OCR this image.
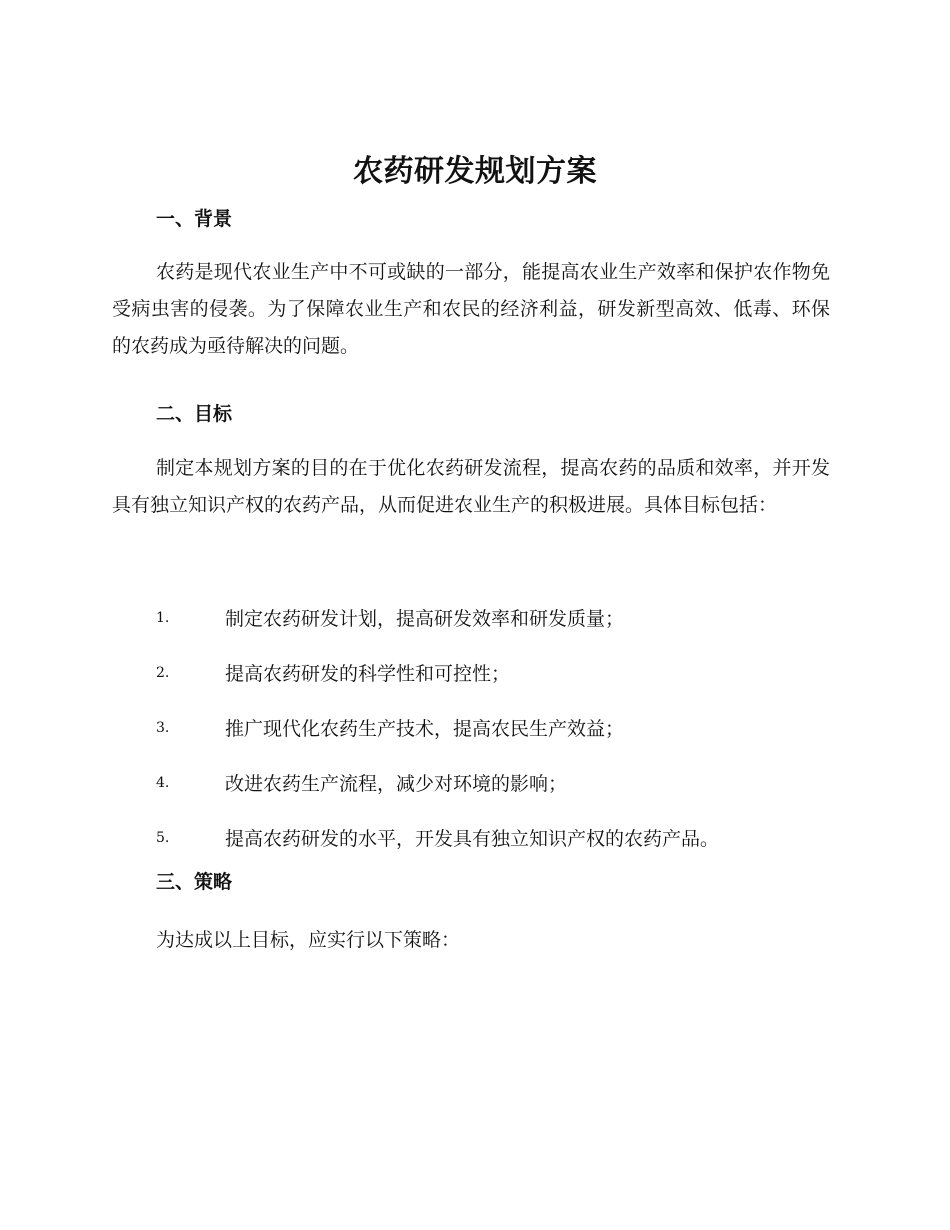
农药研发规划方案
一、背景

农药是现代农业生产中不可或缺的一部分，能提高农业生产效率和保护农作物免受病虫害的侵袭。为了保障农业生产和农民的经济利益，研发新型高效、低毒、环保的农药成为亟待解决的问题。

二、目标

制定本规划方案的目的在于优化农药研发流程，提高农药的品质和效率，并开发具有独立知识产权的农药产品，从而促进农业生产的积极进展。具体目标包括：

1.	制定农药研发计划，提高研发效率和研发质量；
2.	提高农药研发的科学性和可控性；
3.	推广现代化农药生产技术，提高农民生产效益；
4.	改进农药生产流程，减少对环境的影响；
5.	提高农药研发的水平，开发具有独立知识产权的农药产品。
三、策略
为达成以上目标，应实行以下策略：
